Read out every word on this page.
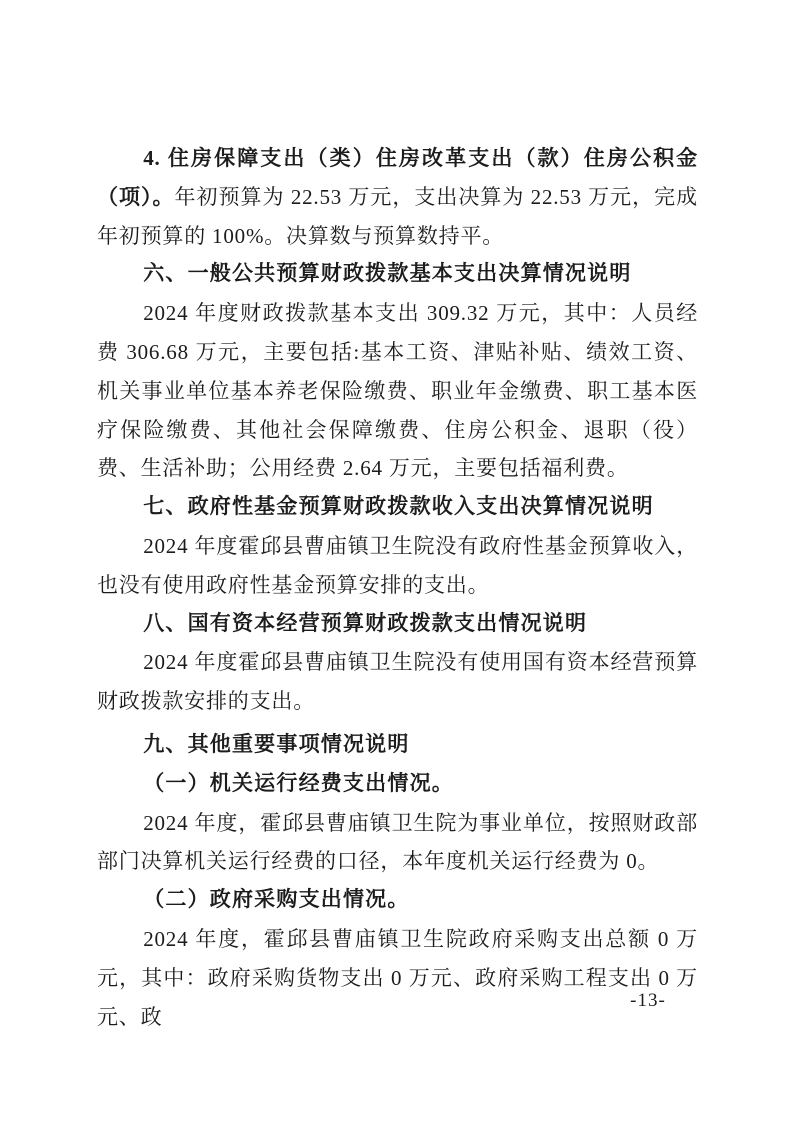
4. 住房保障支出（类）住房改革支出（款）住房公积金（项）。年初预算为 22.53 万元，支出决算为 22.53 万元，完成年初预算的 100%。决算数与预算数持平。

六、一般公共预算财政拨款基本支出决算情况说明

2024 年度财政拨款基本支出 309.32 万元，其中：人员经费 306.68 万元，主要包括:基本工资、津贴补贴、绩效工资、机关事业单位基本养老保险缴费、职业年金缴费、职工基本医疗保险缴费、其他社会保障缴费、住房公积金、退职（役）费、生活补助；公用经费 2.64 万元，主要包括福利费。

七、政府性基金预算财政拨款收入支出决算情况说明

2024 年度霍邱县曹庙镇卫生院没有政府性基金预算收入，也没有使用政府性基金预算安排的支出。

八、国有资本经营预算财政拨款支出情况说明

2024 年度霍邱县曹庙镇卫生院没有使用国有资本经营预算财政拨款安排的支出。

九、其他重要事项情况说明

（一）机关运行经费支出情况。

2024 年度，霍邱县曹庙镇卫生院为事业单位，按照财政部部门决算机关运行经费的口径，本年度机关运行经费为 0。

（二）政府采购支出情况。

2024 年度，霍邱县曹庙镇卫生院政府采购支出总额 0 万元，其中：政府采购货物支出 0 万元、政府采购工程支出 0 万元、政

-13-
